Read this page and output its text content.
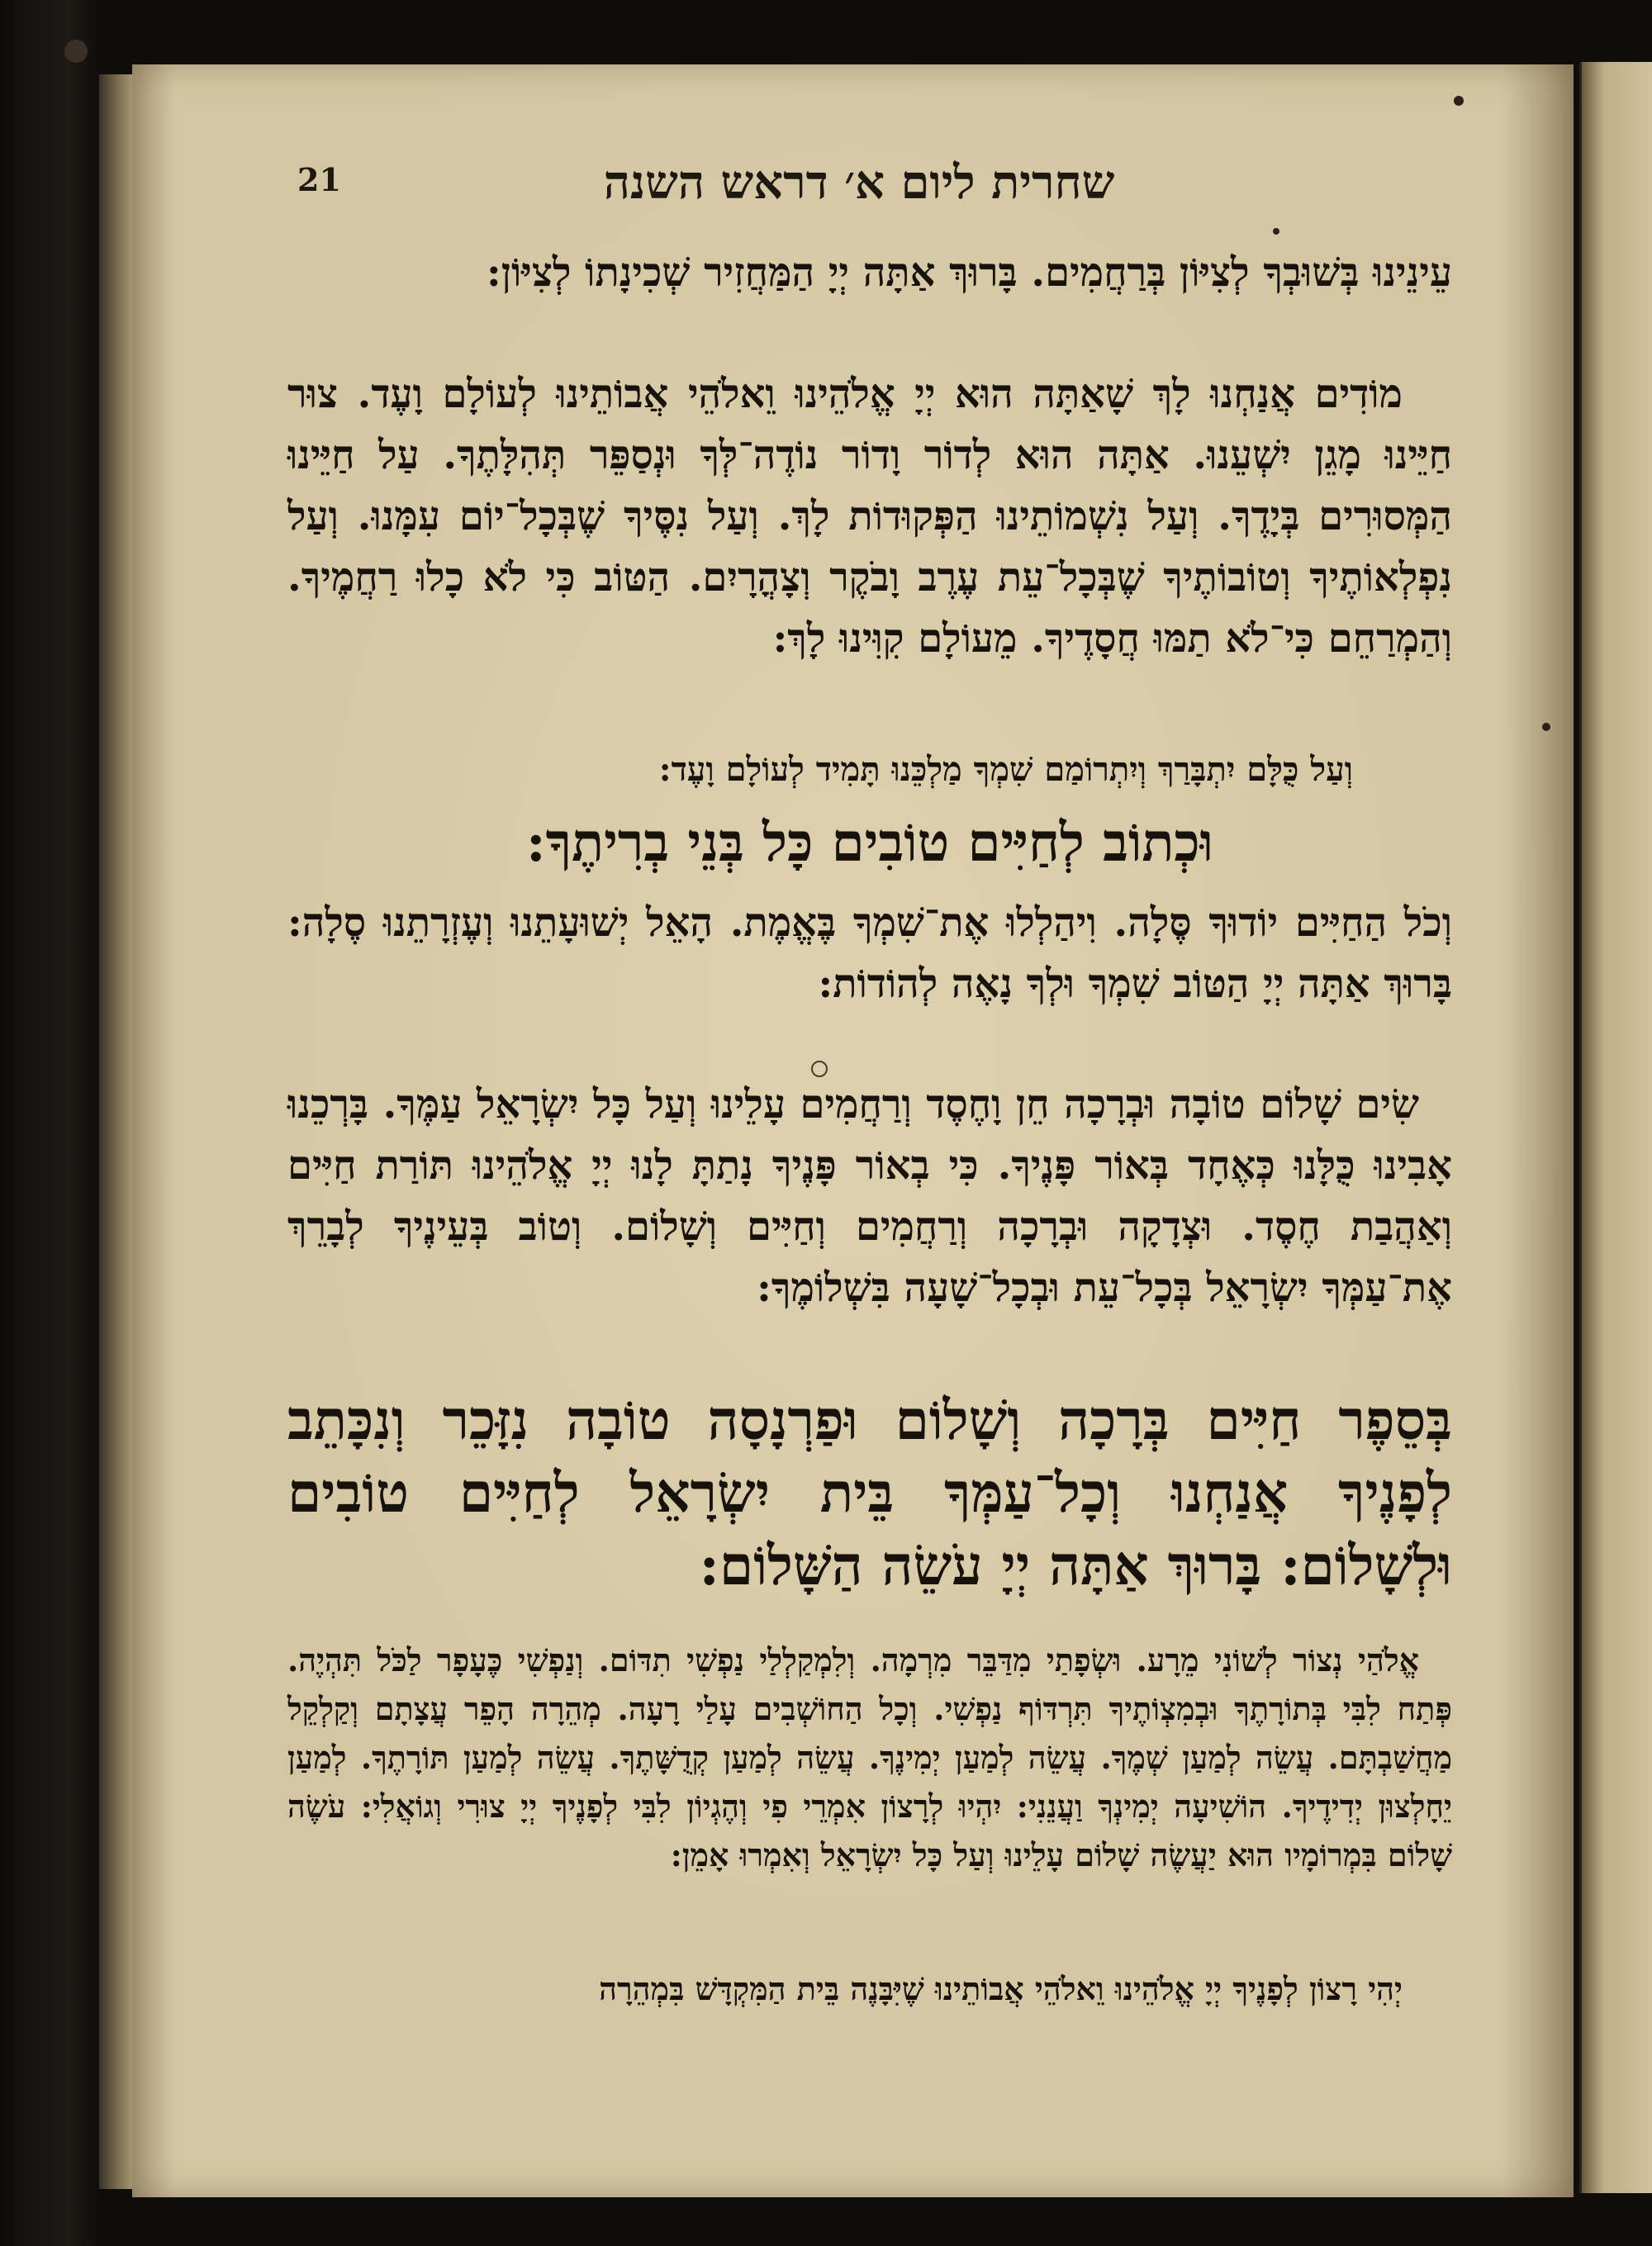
21	שחרית ליום א׳ דראש השנה

עֵינֵינוּ בְּשׁוּבְךָ לְצִיּוֹן בְּרַחֲמִים. בָּרוּךְ אַתָּה יְיָ הַמַּחֲזִיר שְׁכִינָתוֹ לְצִיּוֹן:

מוֹדִים אֲנַחְנוּ לָךְ שָׁאַתָּה הוּא יְיָ אֱלֹהֵינוּ וֵאלֹהֵי אֲבוֹתֵינוּ לְעוֹלָם וָעֶד. צוּר חַיֵּינוּ מָגֵן יִשְׁעֵנוּ. אַתָּה הוּא לְדוֹר וָדוֹר נוֹדֶה־לְּךָ וּנְסַפֵּר תְּהִלָּתֶךָ. עַל חַיֵּינוּ הַמְּסוּרִים בְּיָדֶךָ. וְעַל נִשְׁמוֹתֵינוּ הַפְּקוּדוֹת לָךְ. וְעַל נִסֶּיךָ שֶׁבְּכָל־יוֹם עִמָּנוּ. וְעַל נִפְלְאוֹתֶיךָ וְטוֹבוֹתֶיךָ שֶׁבְּכָל־עֵת עֶרֶב וָבֹקֶר וְצָהֳרָיִם. הַטּוֹב כִּי לֹא כָלוּ רַחֲמֶיךָ. וְהַמְרַחֵם כִּי־לֹא תַמּוּ חֲסָדֶיךָ. מֵעוֹלָם קִוִּינוּ לָךְ:

וְעַל כֻּלָּם יִתְבָּרַךְ וְיִתְרוֹמַם שִׁמְךָ מַלְכֵּנוּ תָּמִיד לְעוֹלָם וָעֶד:

וּכְתוֹב לְחַיִּים טוֹבִים כָּל בְּנֵי בְרִיתֶךָ:

וְכֹל הַחַיִּים יוֹדוּךָ סֶּלָה. וִיהַלְלוּ אֶת־שִׁמְךָ בֶּאֱמֶת. הָאֵל יְשׁוּעָתֵנוּ וְעֶזְרָתֵנוּ סֶלָה: בָּרוּךְ אַתָּה יְיָ הַטּוֹב שִׁמְךָ וּלְךָ נָאֶה לְהוֹדוֹת:

שִׂים שָׁלוֹם טוֹבָה וּבְרָכָה חֵן וָחֶסֶד וְרַחֲמִים עָלֵינוּ וְעַל כָּל יִשְׂרָאֵל עַמֶּךָ. בָּרְכֵנוּ אָבִינוּ כֻּלָּנוּ כְּאֶחָד בְּאוֹר פָּנֶיךָ. כִּי בְאוֹר פָּנֶיךָ נָתַתָּ לָנוּ יְיָ אֱלֹהֵינוּ תּוֹרַת חַיִּים וְאַהֲבַת חֶסֶד. וּצְדָקָה וּבְרָכָה וְרַחֲמִים וְחַיִּים וְשָׁלוֹם. וְטוֹב בְּעֵינֶיךָ לְבָרֵךְ אֶת־עַמְּךָ יִשְׂרָאֵל בְּכָל־עֵת וּבְכָל־שָׁעָה בִּשְׁלוֹמֶךָ:

בְּסֵפֶר חַיִּים בְּרָכָה וְשָׁלוֹם וּפַרְנָסָה טוֹבָה נִזָּכֵר וְנִכָּתֵב לְפָנֶיךָ אֲנַחְנוּ וְכָל־עַמְּךָ בֵּית יִשְׂרָאֵל לְחַיִּים טוֹבִים וּלְשָׁלוֹם: בָּרוּךְ אַתָּה יְיָ עֹשֵׂה הַשָּׁלוֹם:

אֱלֹהַי נְצוֹר לְשׁוֹנִי מֵרָע. וּשְׂפָתַי מִדַּבֵּר מִרְמָה. וְלִמְקַלְלַי נַפְשִׁי תִדּוֹם. וְנַפְשִׁי כֶּעָפָר לַכֹּל תִּהְיֶה. פְּתַח לִבִּי בְּתוֹרָתֶךָ וּבְמִצְוֹתֶיךָ תִּרְדּוֹף נַפְשִׁי. וְכָל הַחוֹשְׁבִים עָלַי רָעָה. מְהֵרָה הָפֵר עֲצָתָם וְקַלְקֵל מַחֲשַׁבְתָּם. עֲשֵׂה לְמַעַן שְׁמֶךָ. עֲשֵׂה לְמַעַן יְמִינֶךָ. עֲשֵׂה לְמַעַן קְדֻשָּׁתֶךָ. עֲשֵׂה לְמַעַן תּוֹרָתֶךָ. לְמַעַן יֵחָלְצוּן יְדִידֶיךָ. הוֹשִׁיעָה יְמִינְךָ וַעֲנֵנִי: יִהְיוּ לְרָצוֹן אִמְרֵי פִי וְהֶגְיוֹן לִבִּי לְפָנֶיךָ יְיָ צוּרִי וְגוֹאֲלִי: עֹשֶׂה שָׁלוֹם בִּמְרוֹמָיו הוּא יַעֲשֶׂה שָׁלוֹם עָלֵינוּ וְעַל כָּל יִשְׂרָאֵל וְאִמְרוּ אָמֵן:

יְהִי רָצוֹן לְפָנֶיךָ יְיָ אֱלֹהֵינוּ וֵאלֹהֵי אֲבוֹתֵינוּ שֶׁיִּבָּנֶה בֵּית הַמִּקְדָּשׁ בִּמְהֵרָה
